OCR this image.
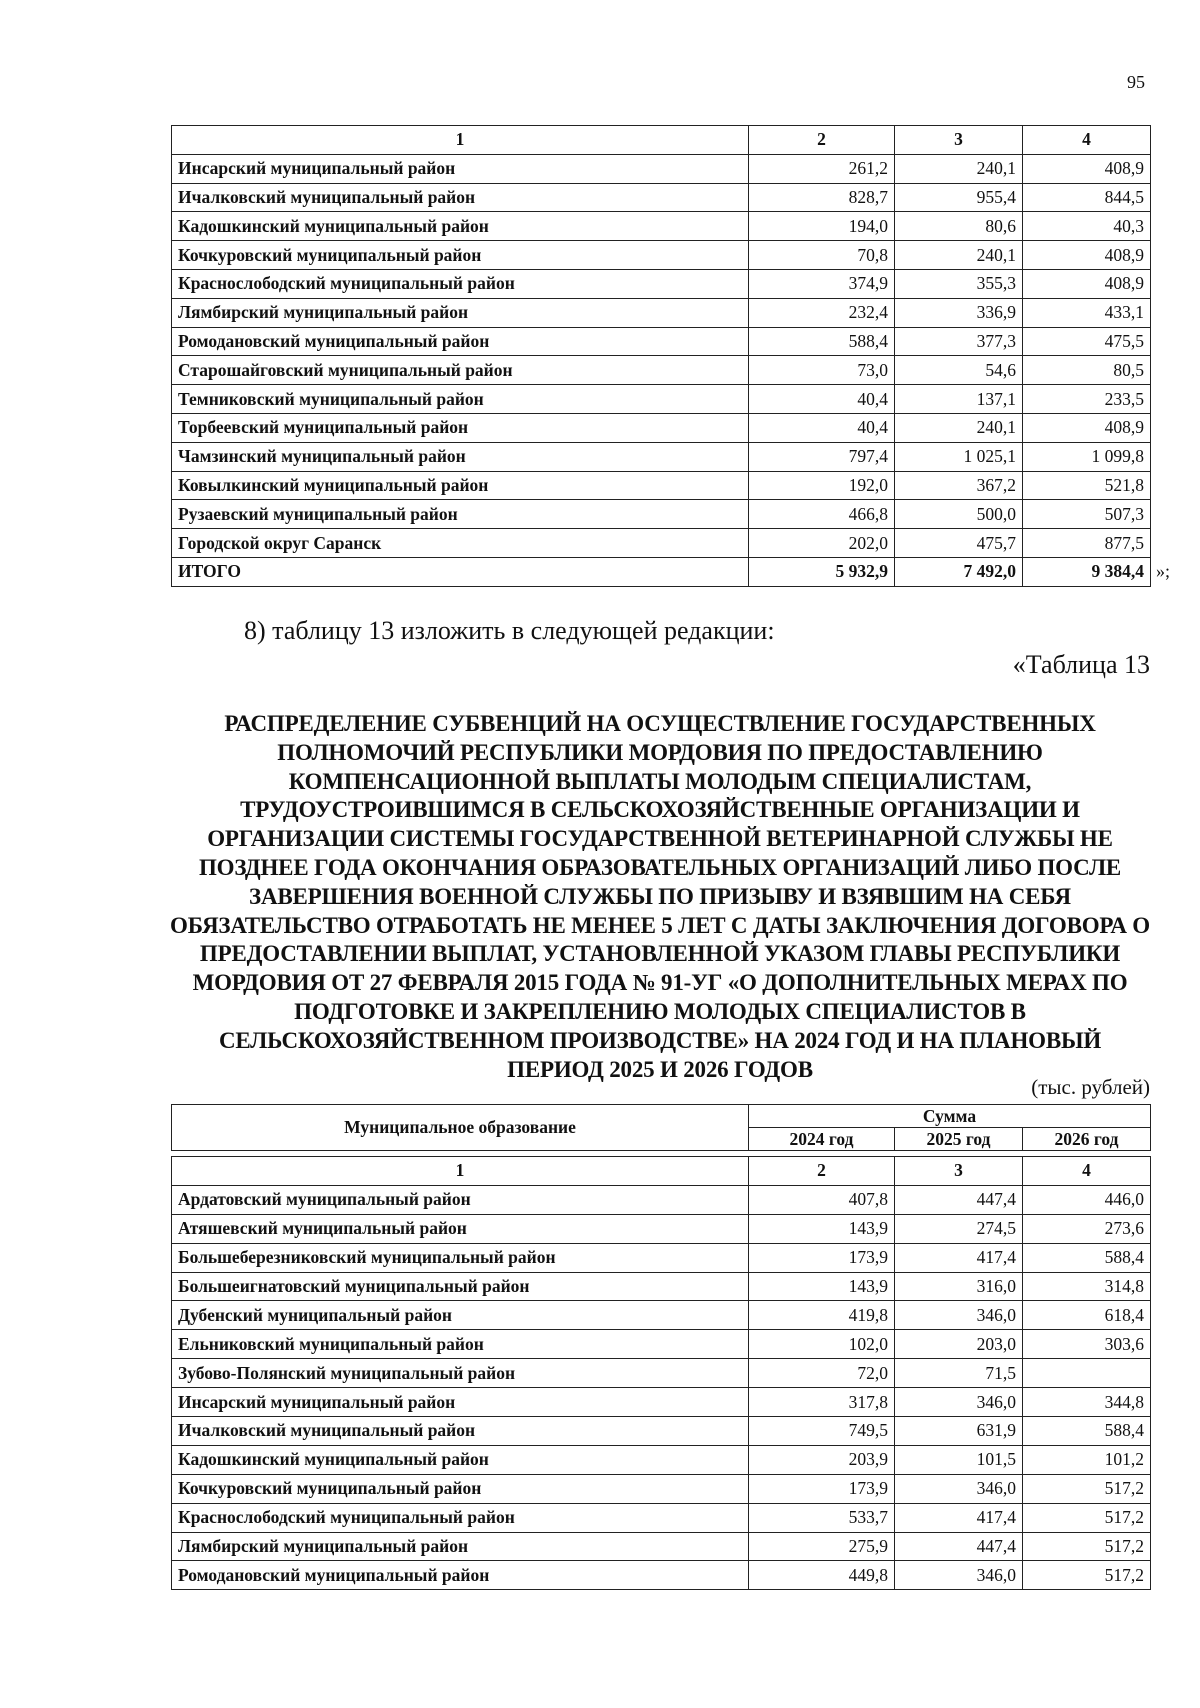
95
1	2	3	4
Инсарский муниципальный район	261,2	240,1	408,9
Ичалковский муниципальный район	828,7	955,4	844,5
Кадошкинский муниципальный район	194,0	80,6	40,3
Кочкуровский муниципальный район	70,8	240,1	408,9
Краснослободский муниципальный район	374,9	355,3	408,9
Лямбирский муниципальный район	232,4	336,9	433,1
Ромодановский муниципальный район	588,4	377,3	475,5
Старошайговский муниципальный район	73,0	54,6	80,5
Темниковский муниципальный район	40,4	137,1	233,5
Торбеевский муниципальный район	40,4	240,1	408,9
Чамзинский муниципальный район	797,4	1 025,1	1 099,8
Ковылкинский муниципальный район	192,0	367,2	521,8
Рузаевский муниципальный район	466,8	500,0	507,3
Городской округ Саранск	202,0	475,7	877,5
ИТОГО	5 932,9	7 492,0	9 384,4 »;
8) таблицу 13 изложить в следующей редакции:
«Таблица 13
РАСПРЕДЕЛЕНИЕ СУБВЕНЦИЙ НА ОСУЩЕСТВЛЕНИЕ ГОСУДАРСТВЕННЫХ ПОЛНОМОЧИЙ РЕСПУБЛИКИ МОРДОВИЯ ПО ПРЕДОСТАВЛЕНИЮ КОМПЕНСАЦИОННОЙ ВЫПЛАТЫ МОЛОДЫМ СПЕЦИАЛИСТАМ, ТРУДОУСТРОИВШИМСЯ В СЕЛЬСКОХОЗЯЙСТВЕННЫЕ ОРГАНИЗАЦИИ И ОРГАНИЗАЦИИ СИСТЕМЫ ГОСУДАРСТВЕННОЙ ВЕТЕРИНАРНОЙ СЛУЖБЫ НЕ ПОЗДНЕЕ ГОДА ОКОНЧАНИЯ ОБРАЗОВАТЕЛЬНЫХ ОРГАНИЗАЦИЙ ЛИБО ПОСЛЕ ЗАВЕРШЕНИЯ ВОЕННОЙ СЛУЖБЫ ПО ПРИЗЫВУ И ВЗЯВШИМ НА СЕБЯ ОБЯЗАТЕЛЬСТВО ОТРАБОТАТЬ НЕ МЕНЕЕ 5 ЛЕТ С ДАТЫ ЗАКЛЮЧЕНИЯ ДОГОВОРА О ПРЕДОСТАВЛЕНИИ ВЫПЛАТ, УСТАНОВЛЕННОЙ УКАЗОМ ГЛАВЫ РЕСПУБЛИКИ МОРДОВИЯ ОТ 27 ФЕВРАЛЯ 2015 ГОДА № 91-УГ «О ДОПОЛНИТЕЛЬНЫХ МЕРАХ ПО ПОДГОТОВКЕ И ЗАКРЕПЛЕНИЮ МОЛОДЫХ СПЕЦИАЛИСТОВ В СЕЛЬСКОХОЗЯЙСТВЕННОМ ПРОИЗВОДСТВЕ» НА 2024 ГОД И НА ПЛАНОВЫЙ ПЕРИОД 2025 И 2026 ГОДОВ
(тыс. рублей)
Муниципальное образование	Сумма		
	2024 год	2025 год	2026 год

1	2	3	4
Ардатовский муниципальный район	407,8	447,4	446,0
Атяшевский муниципальный район	143,9	274,5	273,6
Большеберезниковский муниципальный район	173,9	417,4	588,4
Большеигнатовский муниципальный район	143,9	316,0	314,8
Дубенский муниципальный район	419,8	346,0	618,4
Ельниковский муниципальный район	102,0	203,0	303,6
Зубово-Полянский муниципальный район	72,0	71,5	
Инсарский муниципальный район	317,8	346,0	344,8
Ичалковский муниципальный район	749,5	631,9	588,4
Кадошкинский муниципальный район	203,9	101,5	101,2
Кочкуровский муниципальный район	173,9	346,0	517,2
Краснослободский муниципальный район	533,7	417,4	517,2
Лямбирский муниципальный район	275,9	447,4	517,2
Ромодановский муниципальный район	449,8	346,0	517,2
